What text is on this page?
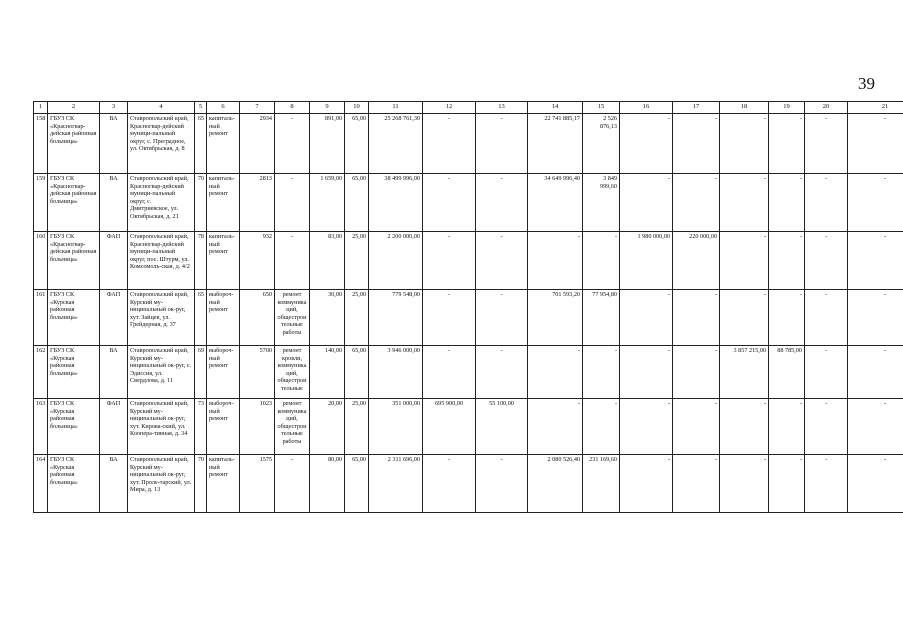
39
1	2	3	4	5	6	7	8	9	10	11	12	13	14	15	16	17	18	19	20	21
158	ГБУЗ СК «Красногвар-дейская районная больница»	ВА	Ставропольский край, Красногвар-дейский муници-пальный округ, с. Преградное, ул. Октябрьская, д. 8	65	капиталь-ный ремонт	2934	-	891,00	65,00	25 268 761,30	-	-	22 741 885,17	2 526 876,13	-	-	-	-	-	-
159	ГБУЗ СК «Красногвар-дейская районная больница»	ВА	Ставропольский край, Красногвар-дейский муници-пальный округ, с. Дмитриевское, ул. Октябрьская, д. 21	70	капиталь-ный ремонт	2813	-	1 659,00	65,00	38 499 996,00	-	-	34 649 996,40	3 849 999,60	-	-	-	-	-	-
160	ГБУЗ СК «Красногвар-дейская районная больница»	ФАП	Ставропольский край, Красногвар-дейский муници-пальный округ, пос. Штурм, ул. Комсомоль-ская, д. 4/2	78	капиталь-ный ремонт	932	-	83,00	25,00	2 200 000,00	-	-	-	-	1 980 000,00	220 000,00	-	-	-	-
161	ГБУЗ СК «Курская районная больница»	ФАП	Ставропольский край, Курский му-ниципальный ок-руг, хут. Зайцев, ул. Грейдерная, д. 37	65	выбороч-ный ремонт	650	ремонт коммуника ций, общестрои тельные работы	30,00	25,00	779 548,00	-	-	701 593,20	77 954,80	-	-	-	-	-	-
162	ГБУЗ СК «Курская районная больница»	ВА	Ставропольский край, Курский му-ниципальный ок-руг, с. Эдиссия, ул. Свердлова, д. 11	69	выбороч-ный ремонт	5700	ремонт кровли, коммуника ций, общестрои тельные	140,00	65,00	3 946 000,00	-	-	-	-	-	-	3 857 215,00	88 785,00	-	-
163	ГБУЗ СК «Курская районная больница»	ФАП	Ставропольский край, Курский му-ниципальный ок-руг, хут. Кирова-ский, ул. Коопера-тивная, д. 34	73	выбороч-ный ремонт	1023	ремонт коммуника ций, общестрои тельные работы	20,00	25,00	351 000,00	695 900,00	55 100,00	-	-	-	-	-	-	-	-
164	ГБУЗ СК «Курская районная больница»	ВА	Ставропольский край, Курский му-ниципальный ок-руг, хут. Проле-тарский, ул. Мира, д. 13	70	капиталь-ный ремонт	1575	-	80,00	65,00	2 311 696,00	-	-	2 080 526,40	231 169,60	-	-	-	-	-	-
